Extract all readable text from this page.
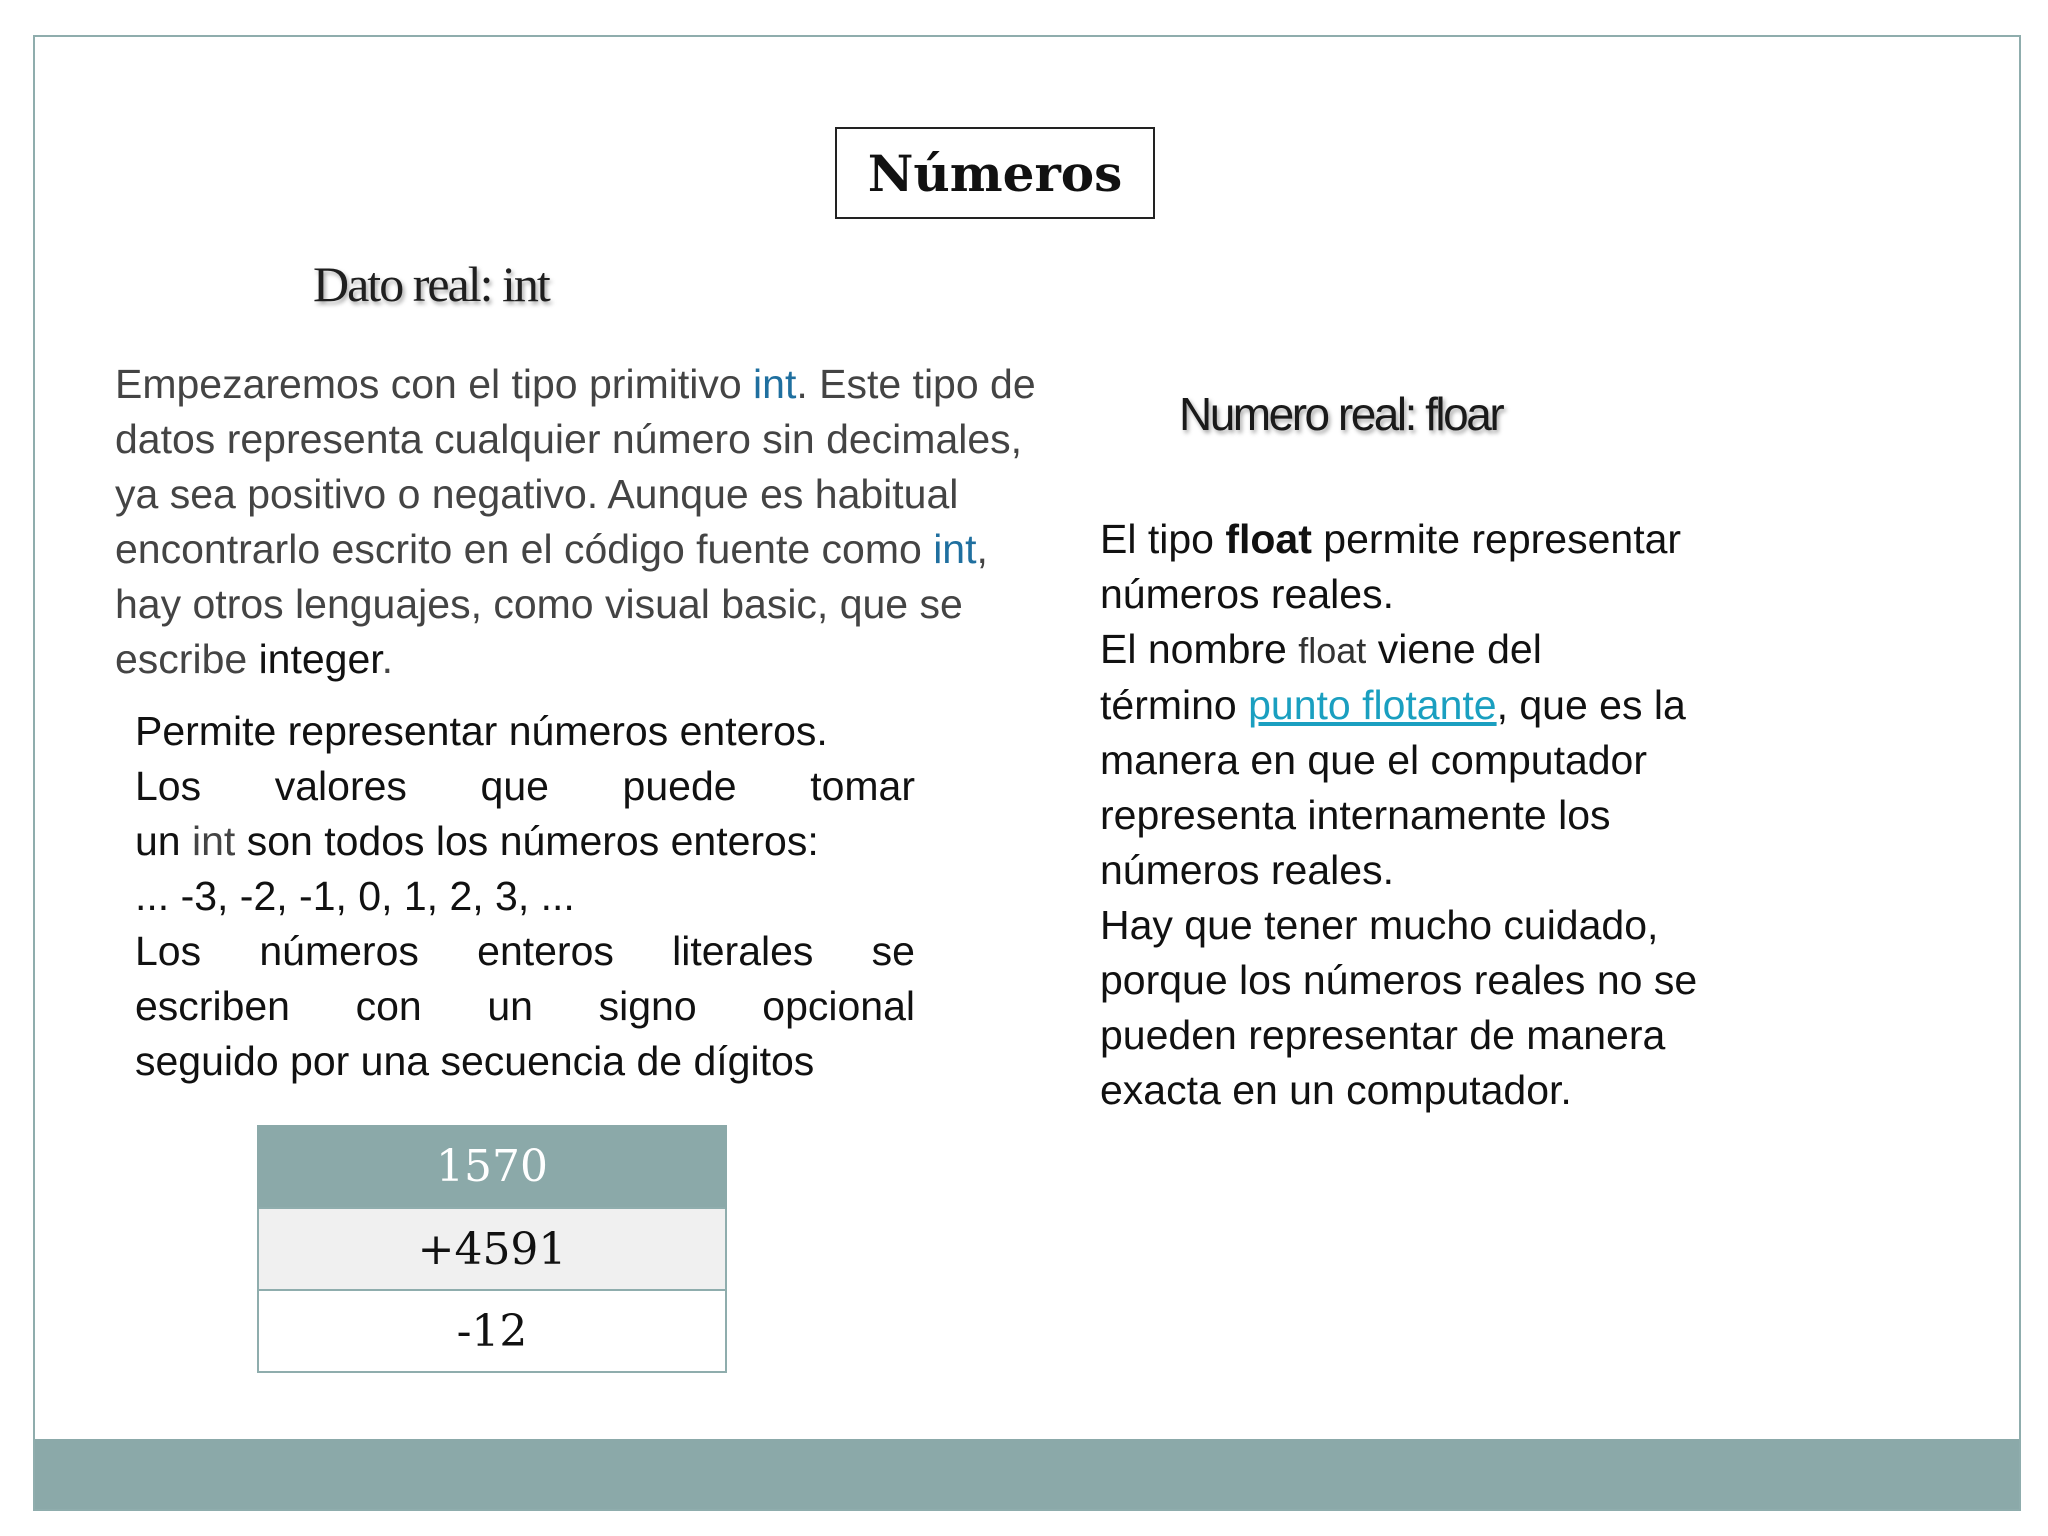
Números
Dato real: int

Empezaremos con el tipo primitivo int. Este tipo de datos representa cualquier número sin decimales, ya sea positivo o negativo. Aunque es habitual encontrarlo escrito en el código fuente como int, hay otros lenguajes, como visual basic, que se escribe integer.

Permite representar números enteros.
Los valores que puede tomar
un int son todos los números enteros:
... -3, -2, -1, 0, 1, 2, 3, ...
Los números enteros literales se
escriben con un signo opcional
seguido por una secuencia de dígitos
1570
+4591
-12
Numero real: floar
El tipo float permite representar
números reales.
El nombre float viene del
término punto flotante, que es la
manera en que el computador
representa internamente los
números reales.
Hay que tener mucho cuidado,
porque los números reales no se
pueden representar de manera
exacta en un computador.
